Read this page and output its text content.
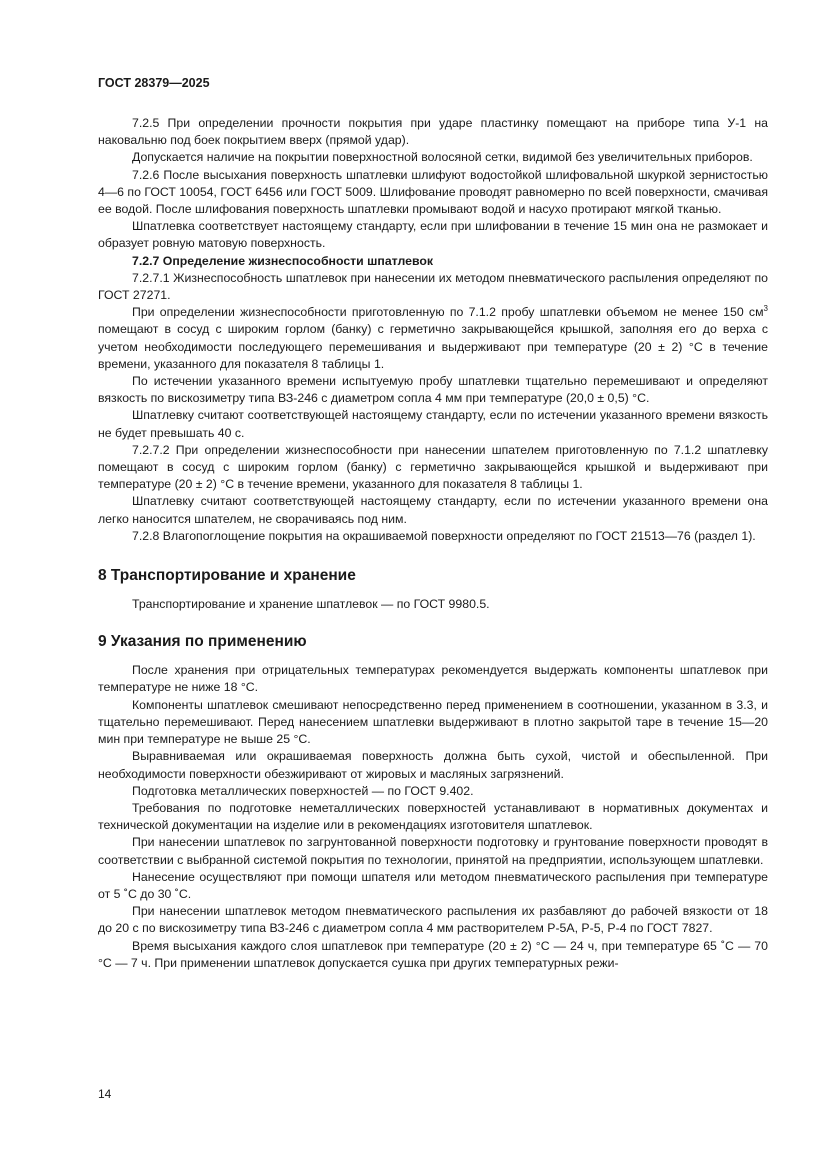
ГОСТ 28379—2025

7.2.5 При определении прочности покрытия при ударе пластинку помещают на приборе типа У-1 на наковальню под боек покрытием вверх (прямой удар).

Допускается наличие на покрытии поверхностной волосяной сетки, видимой без увеличительных приборов.

7.2.6 После высыхания поверхность шпатлевки шлифуют водостойкой шлифовальной шкуркой зернистостью 4—6 по ГОСТ 10054, ГОСТ 6456 или ГОСТ 5009. Шлифование проводят равномерно по всей поверхности, смачивая ее водой. После шлифования поверхность шпатлевки промывают водой и насухо протирают мягкой тканью.

Шпатлевка соответствует настоящему стандарту, если при шлифовании в течение 15 мин она не размокает и образует ровную матовую поверхность.

7.2.7 Определение жизнеспособности шпатлевок

7.2.7.1 Жизнеспособность шпатлевок при нанесении их методом пневматического распыления определяют по ГОСТ 27271.

При определении жизнеспособности приготовленную по 7.1.2 пробу шпатлевки объемом не менее 150 $см^3$ помещают в сосуд с широким горлом (банку) с герметично закрывающейся крышкой, заполняя его до верха с учетом необходимости последующего перемешивания и выдерживают при температуре (20 ± 2) °С в течение времени, указанного для показателя 8 таблицы 1.

По истечении указанного времени испытуемую пробу шпатлевки тщательно перемешивают и определяют вязкость по вискозиметру типа ВЗ-246 с диаметром сопла 4 мм при температуре (20,0 ± 0,5) °С.

Шпатлевку считают соответствующей настоящему стандарту, если по истечении указанного времени вязкость не будет превышать 40 с.

7.2.7.2 При определении жизнеспособности при нанесении шпателем приготовленную по 7.1.2 шпатлевку помещают в сосуд с широким горлом (банку) с герметично закрывающейся крышкой и выдерживают при температуре (20 ± 2) °С в течение времени, указанного для показателя 8 таблицы 1.

Шпатлевку считают соответствующей настоящему стандарту, если по истечении указанного времени она легко наносится шпателем, не сворачиваясь под ним.

7.2.8 Влагопоглощение покрытия на окрашиваемой поверхности определяют по ГОСТ 21513—76 (раздел 1).

8 Транспортирование и хранение

Транспортирование и хранение шпатлевок — по ГОСТ 9980.5.

9 Указания по применению

После хранения при отрицательных температурах рекомендуется выдержать компоненты шпатлевок при температуре не ниже 18 °С.

Компоненты шпатлевок смешивают непосредственно перед применением в соотношении, указанном в 3.3, и тщательно перемешивают. Перед нанесением шпатлевки выдерживают в плотно закрытой таре в течение 15—20 мин при температуре не выше 25 °С.

Выравниваемая или окрашиваемая поверхность должна быть сухой, чистой и обеспыленной. При необходимости поверхности обезжиривают от жировых и масляных загрязнений.

Подготовка металлических поверхностей — по ГОСТ 9.402.

Требования по подготовке неметаллических поверхностей устанавливают в нормативных документах и технической документации на изделие или в рекомендациях изготовителя шпатлевок.

При нанесении шпатлевок по загрунтованной поверхности подготовку и грунтование поверхности проводят в соответствии с выбранной системой покрытия по технологии, принятой на предприятии, использующем шпатлевки.

Нанесение осуществляют при помощи шпателя или методом пневматического распыления при температуре от 5 ˚С до 30 ˚С.

При нанесении шпатлевок методом пневматического распыления их разбавляют до рабочей вязкости от 18 до 20 с по вискозиметру типа ВЗ-246 с диаметром сопла 4 мм растворителем Р-5А, Р-5, Р-4 по ГОСТ 7827.

Время высыхания каждого слоя шпатлевок при температуре (20 ± 2) °С — 24 ч, при температуре 65 ˚С — 70 °С — 7 ч. При применении шпатлевок допускается сушка при других температурных режи-

14
